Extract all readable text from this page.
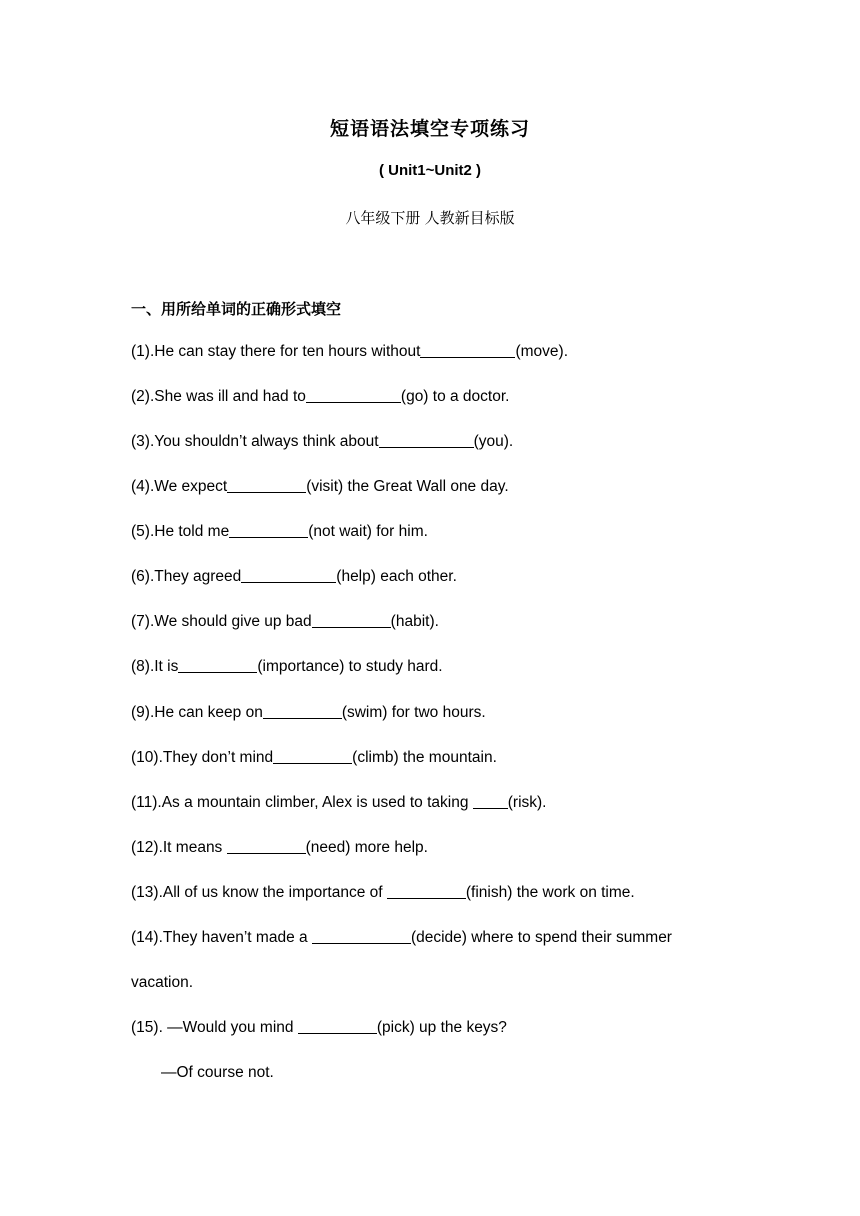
短语语法填空专项练习
( Unit1~Unit2 )
八年级下册 人教新目标版
一、用所给单词的正确形式填空
(1).He can stay there for ten hours without	(move).
(2).She was ill and had to	(go) to a doctor.
(3).You shouldn’t always think about	(you).
(4).We expect	(visit) the Great Wall one day.
(5).He told me	(not wait) for him.
(6).They agreed	(help) each other.
(7).We should give up bad	(habit).
(8).It is	(importance) to study hard.
(9).He can keep on	(swim) for two hours.
(10).They don’t mind	(climb) the mountain.
(11).As a mountain climber, Alex is used to taking (risk).
(12).It means	(need) more help.
(13).All of us know the importance of	(finish) the work on time.
(14).They haven’t made a	(decide) where to spend their summer
vacation.
(15). —Would you mind	(pick) up the keys?
—Of course not.
